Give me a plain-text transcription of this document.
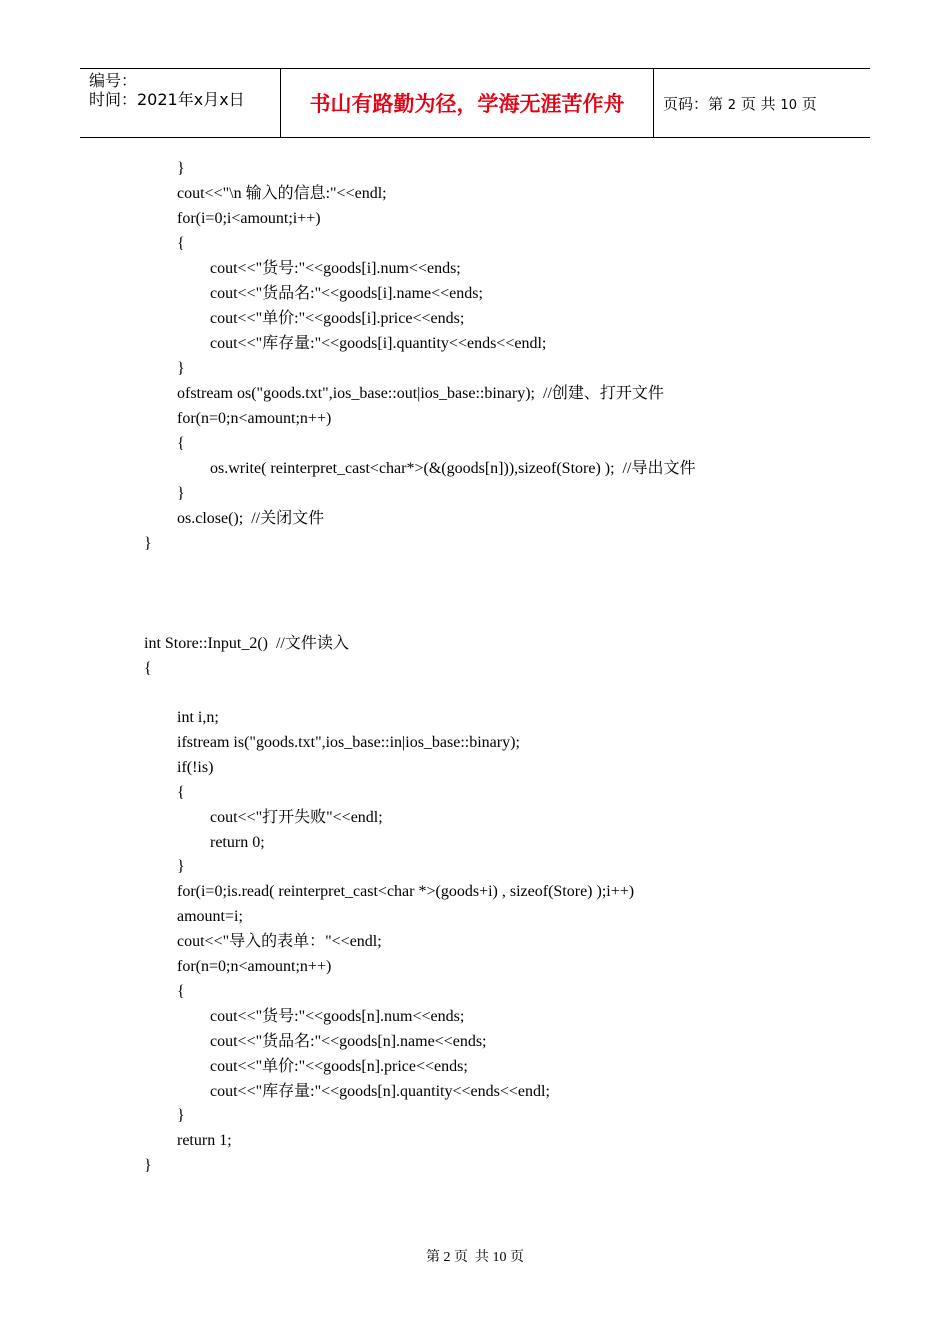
编号：
时间：2021年x月x日	书山有路勤为径，学海无涯苦作舟	页码：第 2 页 共 10 页
}
cout<<"\n 输入的信息:"<<endl;
for(i=0;i<amount;i++)
{
cout<<"货号:"<<goods[i].num<<ends;
cout<<"货品名:"<<goods[i].name<<ends;
cout<<"单价:"<<goods[i].price<<ends;
cout<<"库存量:"<<goods[i].quantity<<ends<<endl;
}
ofstream os("goods.txt",ios_base::out|ios_base::binary);  //创建、打开文件
for(n=0;n<amount;n++)
{
os.write( reinterpret_cast<char*>(&(goods[n])),sizeof(Store) );  //导出文件
}
os.close();  //关闭文件
}
int Store::Input_2()  //文件读入
{
int i,n;
ifstream is("goods.txt",ios_base::in|ios_base::binary);
if(!is)
{
cout<<"打开失败"<<endl;
return 0;
}
for(i=0;is.read( reinterpret_cast<char *>(goods+i) , sizeof(Store) );i++)
amount=i;
cout<<"导入的表单："<<endl;
for(n=0;n<amount;n++)
{
cout<<"货号:"<<goods[n].num<<ends;
cout<<"货品名:"<<goods[n].name<<ends;
cout<<"单价:"<<goods[n].price<<ends;
cout<<"库存量:"<<goods[n].quantity<<ends<<endl;
}
return 1;
}
第 2 页  共 10 页
